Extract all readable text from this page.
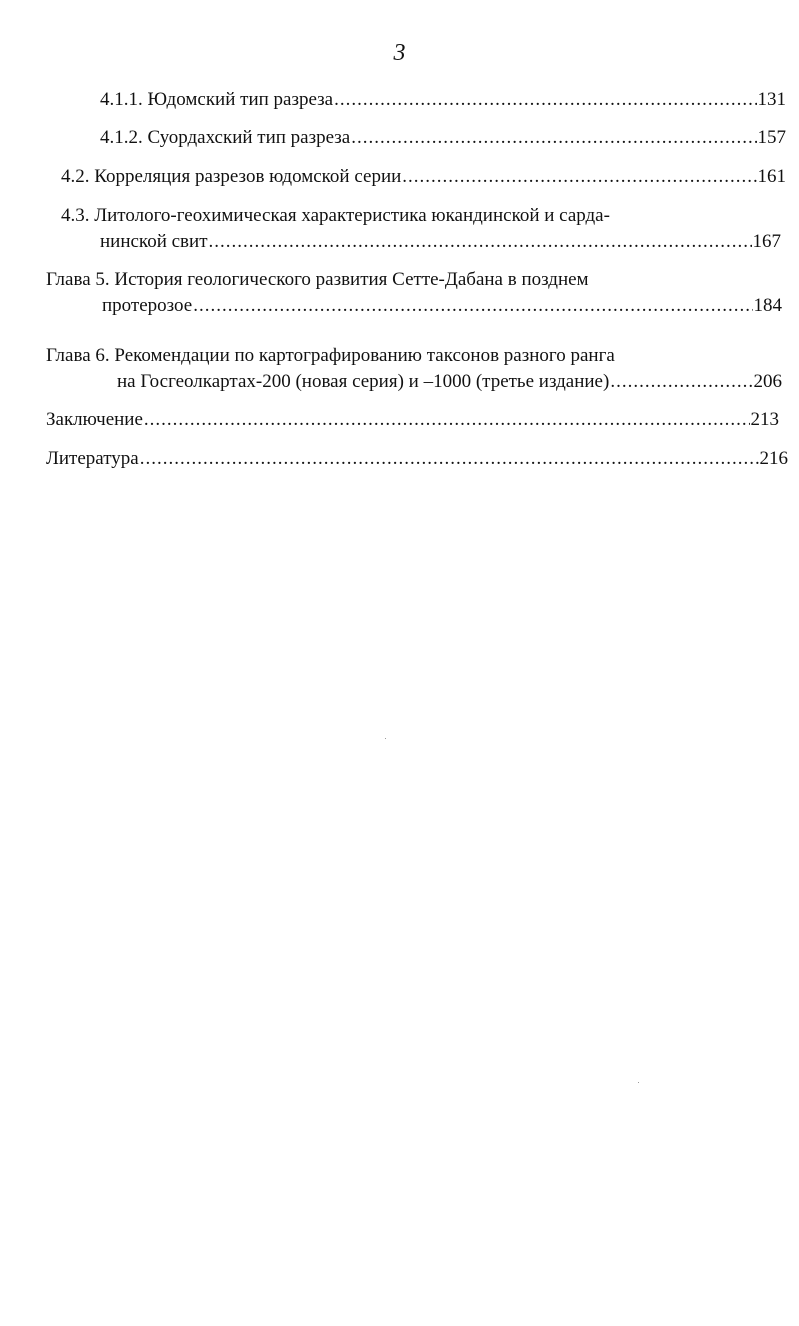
3
4.1.1. Юдомский тип разреза .....	131
4.1.2. Суордахский тип разреза .....	157
4.2. Корреляция разрезов юдомской серии .....	161
4.3. Литолого-геохимическая характеристика юкандинской и сарда-
нинской свит .....	167
Глава 5. История геологического развития Сетте-Дабана в позднем
протерозое .....	184
Глава 6. Рекомендации по картографированию таксонов разного ранга
на Госгеолкартах-200 (новая серия) и –1000 (третье издание) .....	206
Заключение .....	213
Литература .....	216
